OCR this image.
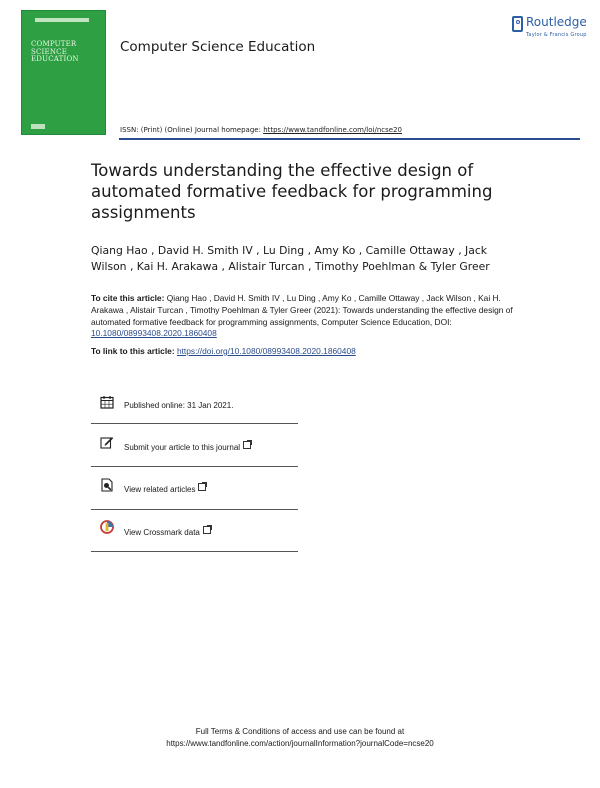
COMPUTER SCIENCE EDUCATION
Computer Science Education
Routledge
Taylor & Francis Group
ISSN: (Print) (Online) Journal homepage: https://www.tandfonline.com/loi/ncse20
Towards understanding the effective design of automated formative feedback for programming assignments
Qiang Hao , David H. Smith IV , Lu Ding , Amy Ko , Camille Ottaway , Jack Wilson , Kai H. Arakawa , Alistair Turcan , Timothy Poehlman & Tyler Greer
To cite this article: Qiang Hao , David H. Smith IV , Lu Ding , Amy Ko , Camille Ottaway , Jack Wilson , Kai H. Arakawa , Alistair Turcan , Timothy Poehlman & Tyler Greer (2021): Towards understanding the effective design of automated formative feedback for programming assignments, Computer Science Education, DOI: 10.1080/08993408.2020.1860408
To link to this article: https://doi.org/10.1080/08993408.2020.1860408
Published online: 31 Jan 2021.
Submit your article to this journal
View related articles
View Crossmark data
Full Terms & Conditions of access and use can be found at
https://www.tandfonline.com/action/journalInformation?journalCode=ncse20
